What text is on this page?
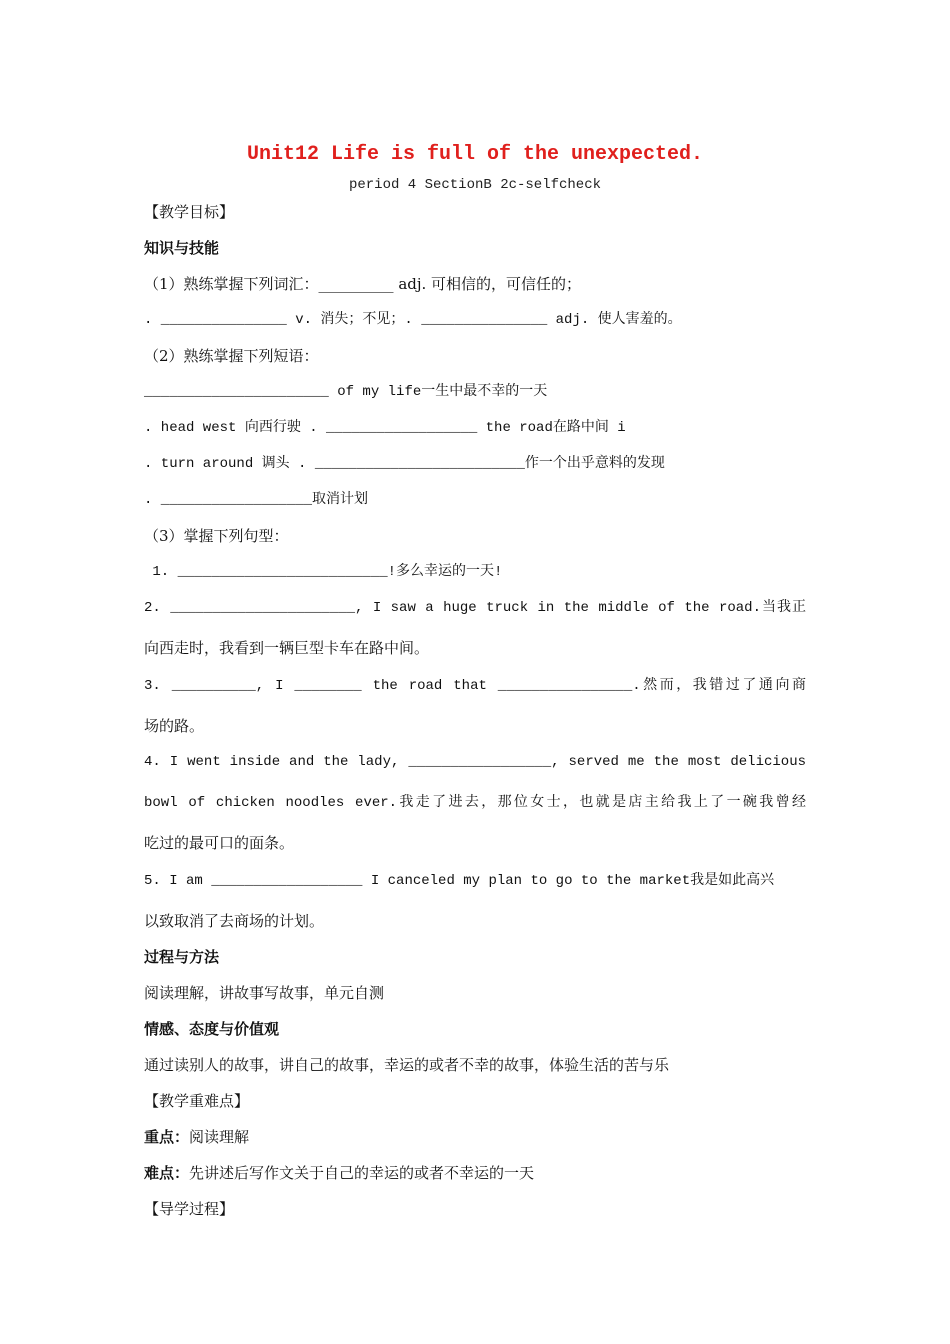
Unit12 Life is full of the unexpected.
period 4 SectionB 2c-selfcheck
【教学目标】
知识与技能
（1）熟练掌握下列词汇：__________ adj. 可相信的，可信任的；
. _______________ v. 消失；不见；. _______________ adj. 使人害羞的。
（2）熟练掌握下列短语：
______________________ of my life一生中最不幸的一天
. head west 向西行驶 . __________________ the road在路中间 i
. turn around 调头 . _________________________作一个出乎意料的发现
. __________________取消计划
（3）掌握下列句型：
1. _________________________!多么幸运的一天!
2. ______________________, I saw a huge truck in the middle of the road.当我正
向西走时，我看到一辆巨型卡车在路中间。
3. __________, I ________ the road that ________________.然而，我错过了通向商
场的路。
4. I went inside and the lady, _________________, served me the most delicious
bowl of chicken noodles ever.我走了进去，那位女士，也就是店主给我上了一碗我曾经
吃过的最可口的面条。
5. I am __________________ I canceled my plan to go to the market我是如此高兴
以致取消了去商场的计划。
过程与方法
阅读理解，讲故事写故事，单元自测
情感、态度与价值观
通过读别人的故事，讲自己的故事，幸运的或者不幸的故事，体验生活的苦与乐
【教学重难点】
重点：阅读理解
难点：先讲述后写作文关于自己的幸运的或者不幸运的一天
【导学过程】
